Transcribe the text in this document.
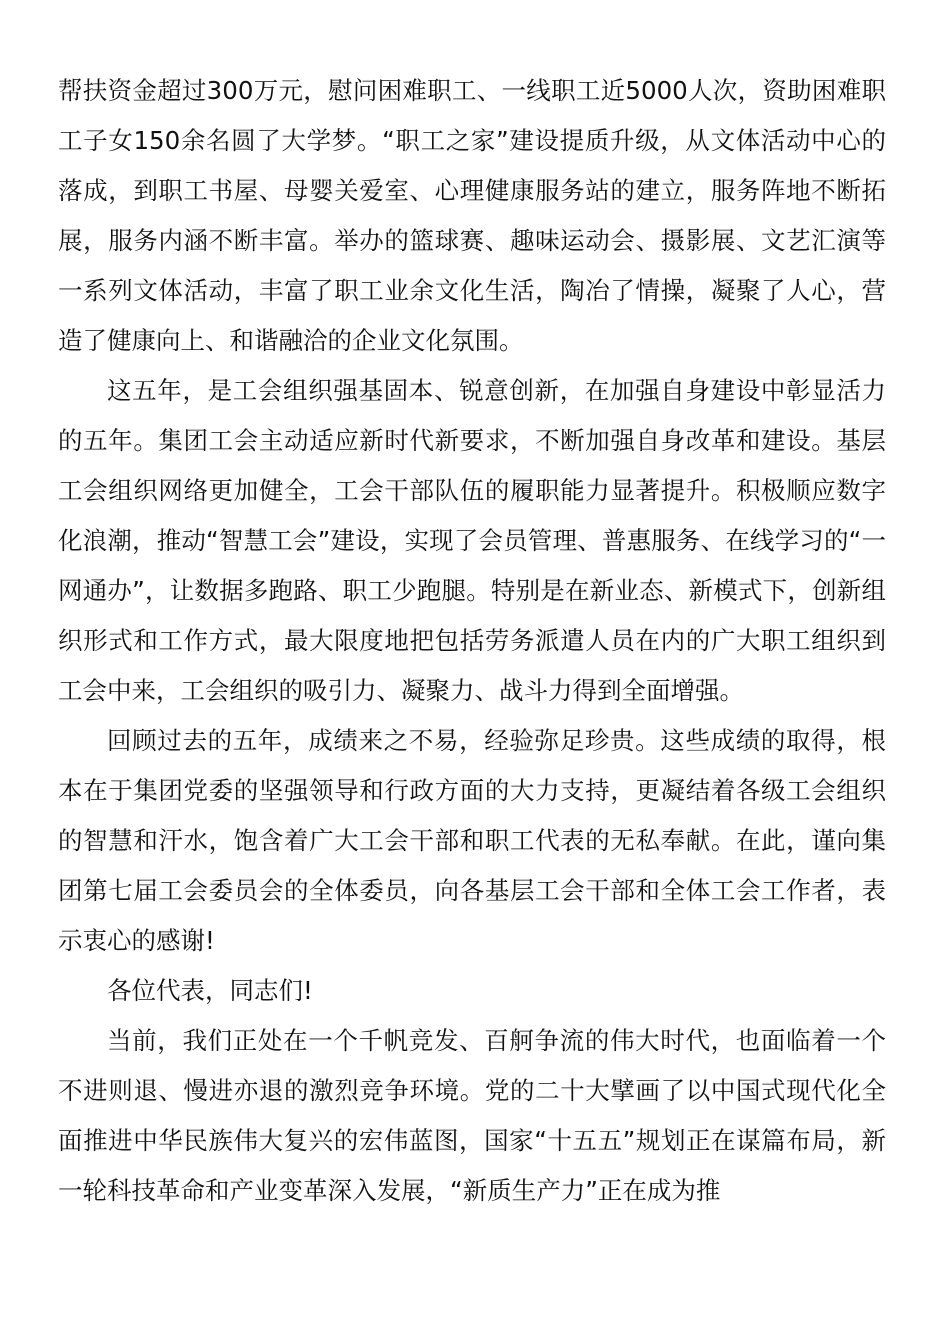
帮扶资金超过300万元，慰问困难职工、一线职工近5000人次，资助困难职工子女150余名圆了大学梦。“职工之家”建设提质升级，从文体活动中心的落成，到职工书屋、母婴关爱室、心理健康服务站的建立，服务阵地不断拓展，服务内涵不断丰富。举办的篮球赛、趣味运动会、摄影展、文艺汇演等一系列文体活动，丰富了职工业余文化生活，陶冶了情操，凝聚了人心，营造了健康向上、和谐融洽的企业文化氛围。

这五年，是工会组织强基固本、锐意创新，在加强自身建设中彰显活力的五年。集团工会主动适应新时代新要求，不断加强自身改革和建设。基层工会组织网络更加健全，工会干部队伍的履职能力显著提升。积极顺应数字化浪潮，推动“智慧工会”建设，实现了会员管理、普惠服务、在线学习的“一网通办”，让数据多跑路、职工少跑腿。特别是在新业态、新模式下，创新组织形式和工作方式，最大限度地把包括劳务派遣人员在内的广大职工组织到工会中来，工会组织的吸引力、凝聚力、战斗力得到全面增强。

回顾过去的五年，成绩来之不易，经验弥足珍贵。这些成绩的取得，根本在于集团党委的坚强领导和行政方面的大力支持，更凝结着各级工会组织的智慧和汗水，饱含着广大工会干部和职工代表的无私奉献。在此，谨向集团第七届工会委员会的全体委员，向各基层工会干部和全体工会工作者，表示衷心的感谢!

各位代表，同志们!

当前，我们正处在一个千帆竞发、百舸争流的伟大时代，也面临着一个不进则退、慢进亦退的激烈竞争环境。党的二十大擘画了以中国式现代化全面推进中华民族伟大复兴的宏伟蓝图，国家“十五五”规划正在谋篇布局，新一轮科技革命和产业变革深入发展，“新质生产力”正在成为推
